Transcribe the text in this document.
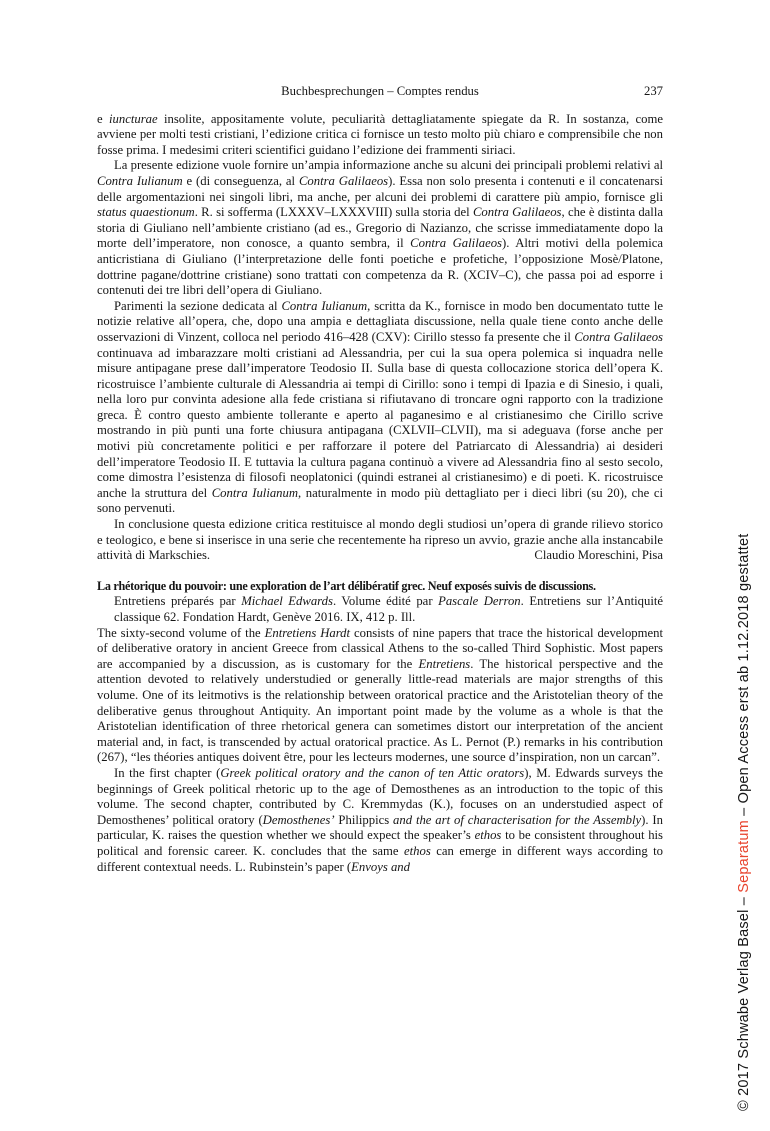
Buchbesprechungen – Comptes rendus	237

e iuncturae insolite, appositamente volute, peculiarità dettagliatamente spiegate da R. In sostanza, come avviene per molti testi cristiani, l’edizione critica ci fornisce un testo molto più chiaro e comprensibile che non fosse prima. I medesimi criteri scientifici guidano l’edizione dei frammenti siriaci.

La presente edizione vuole fornire un’ampia informazione anche su alcuni dei principali problemi relativi al Contra Iulianum e (di conseguenza, al Contra Galilaeos). Essa non solo presenta i contenuti e il concatenarsi delle argomentazioni nei singoli libri, ma anche, per alcuni dei problemi di carattere più ampio, fornisce gli status quaestionum. R. si sofferma (LXXXV–LXXXVIII) sulla storia del Contra Galilaeos, che è distinta dalla storia di Giuliano nell’ambiente cristiano (ad es., Gregorio di Nazianzo, che scrisse immediatamente dopo la morte dell’imperatore, non conosce, a quanto sembra, il Contra Galilaeos). Altri motivi della polemica anticristiana di Giuliano (l’interpretazione delle fonti poetiche e profetiche, l’opposizione Mosè/Platone, dottrine pagane/dottrine cristiane) sono trattati con competenza da R. (XCIV–C), che passa poi ad esporre i contenuti dei tre libri dell’opera di Giuliano.

Parimenti la sezione dedicata al Contra Iulianum, scritta da K., fornisce in modo ben documentato tutte le notizie relative all’opera, che, dopo una ampia e dettagliata discussione, nella quale tiene conto anche delle osservazioni di Vinzent, colloca nel periodo 416–428 (CXV): Cirillo stesso fa presente che il Contra Galilaeos continuava ad imbarazzare molti cristiani ad Alessandria, per cui la sua opera polemica si inquadra nelle misure antipagane prese dall’imperatore Teodosio II. Sulla base di questa collocazione storica dell’opera K. ricostruisce l’ambiente culturale di Alessandria ai tempi di Cirillo: sono i tempi di Ipazia e di Sinesio, i quali, nella loro pur convinta adesione alla fede cristiana si rifiutavano di troncare ogni rapporto con la tradizione greca. È contro questo ambiente tollerante e aperto al paganesimo e al cristianesimo che Cirillo scrive mostrando in più punti una forte chiusura antipagana (CXLVII–CLVII), ma si adeguava (forse anche per motivi più concretamente politici e per rafforzare il potere del Patriarcato di Alessandria) ai desideri dell’imperatore Teodosio II. E tuttavia la cultura pagana continuò a vivere ad Alessandria fino al sesto secolo, come dimostra l’esistenza di filosofi neoplatonici (quindi estranei al cristianesimo) e di poeti. K. ricostruisce anche la struttura del Contra Iulianum, naturalmente in modo più dettagliato per i dieci libri (su 20), che ci sono pervenuti.

In conclusione questa edizione critica restituisce al mondo degli studiosi un’opera di grande rilievo storico e teologico, e bene si inserisce in una serie che recentemente ha ripreso un avvio, grazie anche alla instancabile attività di Markschies.	Claudio Moreschini, Pisa

La rhétorique du pouvoir: une exploration de l’art délibératif grec. Neuf exposés suivis de discussions.

Entretiens préparés par Michael Edwards. Volume édité par Pascale Derron. Entretiens sur l’Antiquité classique 62. Fondation Hardt, Genève 2016. IX, 412 p. Ill.

The sixty-second volume of the Entretiens Hardt consists of nine papers that trace the historical development of deliberative oratory in ancient Greece from classical Athens to the so-called Third Sophistic. Most papers are accompanied by a discussion, as is customary for the Entretiens. The historical perspective and the attention devoted to relatively understudied or generally little-read materials are major strengths of this volume. One of its leitmotivs is the relationship between oratorical practice and the Aristotelian theory of the deliberative genus throughout Antiquity. An important point made by the volume as a whole is that the Aristotelian identification of three rhetorical genera can sometimes distort our interpretation of the ancient material and, in fact, is transcended by actual oratorical practice. As L. Pernot (P.) remarks in his contribution (267), “les théories antiques doivent être, pour les lecteurs modernes, une source d’inspiration, non un carcan”.

In the first chapter (Greek political oratory and the canon of ten Attic orators), M. Edwards surveys the beginnings of Greek political rhetoric up to the age of Demosthenes as an introduction to the topic of this volume. The second chapter, contributed by C. Kremmydas (K.), focuses on an understudied aspect of Demosthenes’ political oratory (Demosthenes’ Philippics and the art of characterisation for the Assembly). In particular, K. raises the question whether we should expect the speaker’s ethos to be consistent throughout his political and forensic career. K. concludes that the same ethos can emerge in different ways according to different contextual needs. L. Rubinstein’s paper (Envoys and

© 2017 Schwabe Verlag Basel – Separatum – Open Access erst ab 1.12.2018 gestattet
